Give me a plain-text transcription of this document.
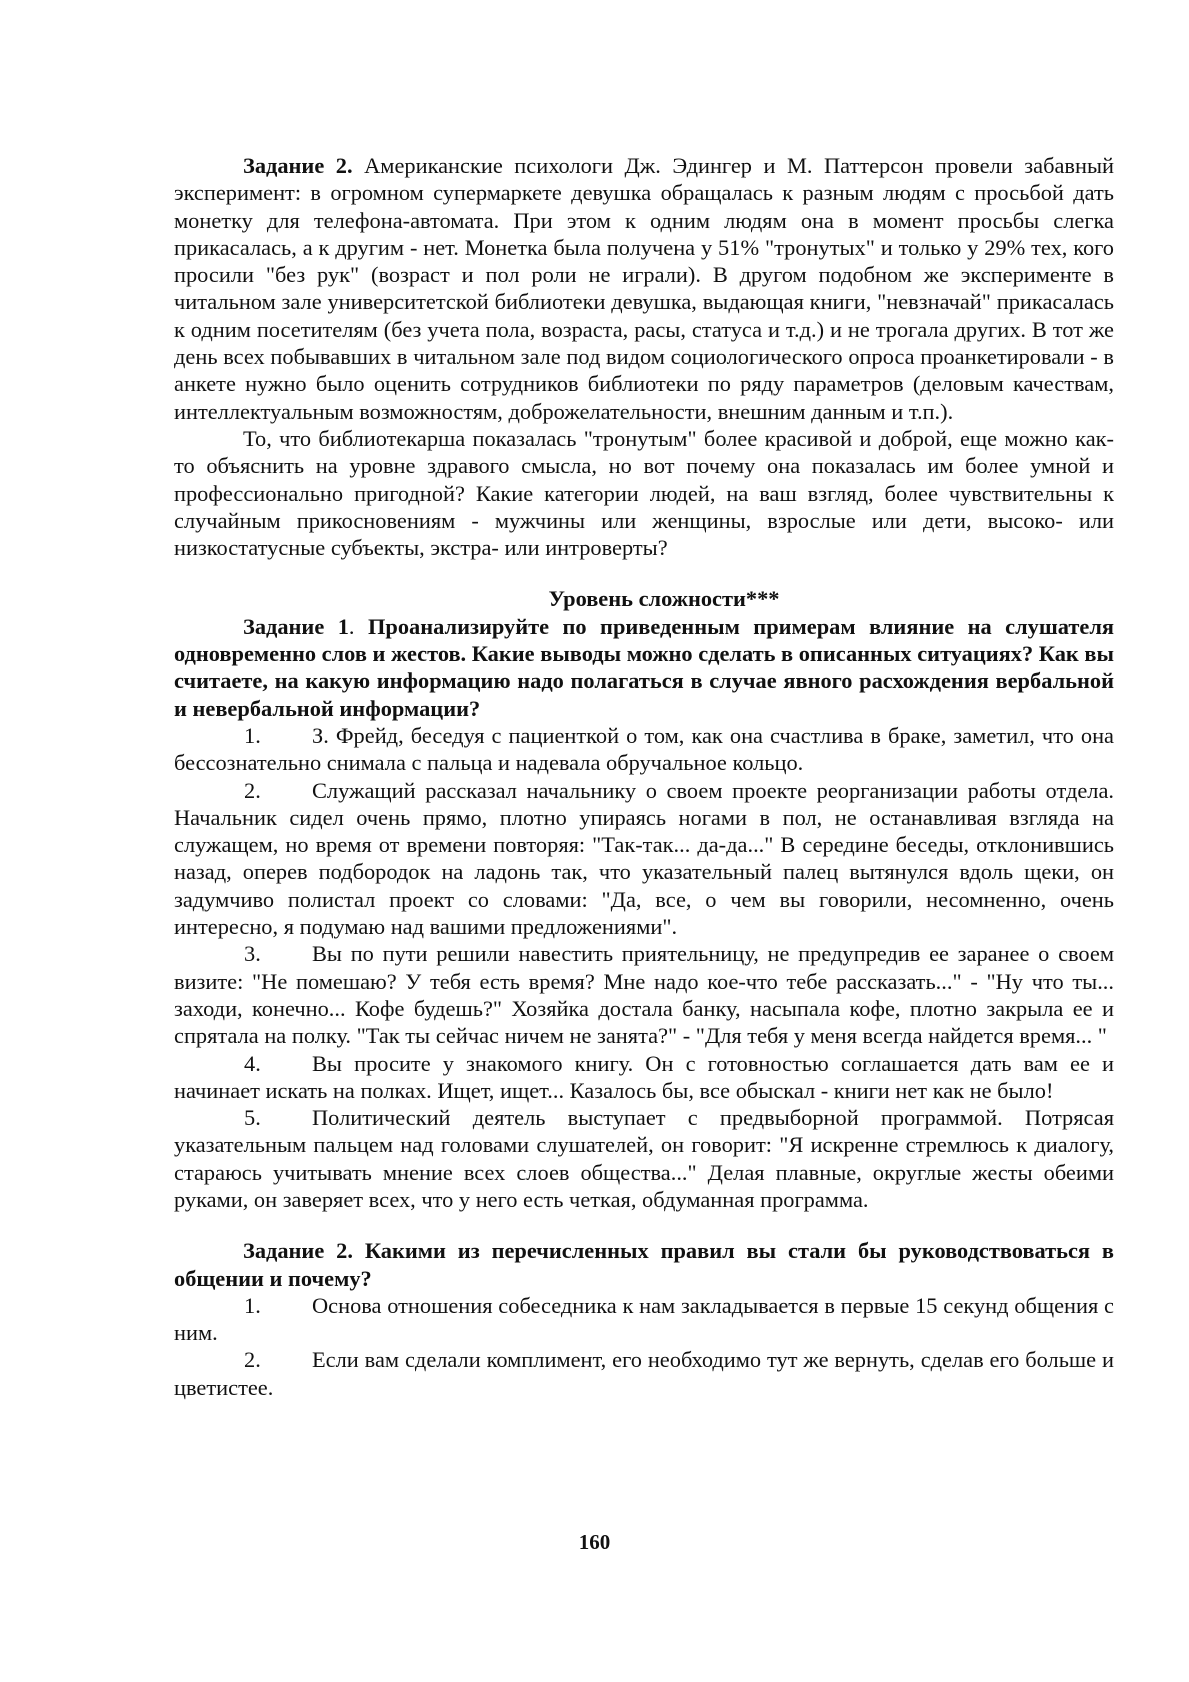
Задание 2. Американские психологи Дж. Эдингер и М. Паттерсон провели забавный эксперимент: в огромном супермаркете девушка обращалась к разным людям с просьбой дать монетку для телефона-автомата. При этом к одним людям она в момент просьбы слегка прикасалась, а к другим - нет. Монетка была получена у 51% "тронутых" и только у 29% тех, кого просили "без рук" (возраст и пол роли не играли). В другом подобном же эксперименте в читальном зале университетской библиотеки девушка, выдающая книги, "невзначай" прикасалась к одним посетителям (без учета пола, возраста, расы, статуса и т.д.) и не трогала других. В тот же день всех побывавших в читальном зале под видом социологического опроса проанкетировали - в анкете нужно было оценить сотрудников библиотеки по ряду параметров (деловым качествам, интеллектуальным возможностям, доброжелательности, внешним данным и т.п.).

То, что библиотекарша показалась "тронутым" более красивой и доброй, еще можно как-то объяснить на уровне здравого смысла, но вот почему она показалась им более умной и профессионально пригодной? Какие категории людей, на ваш взгляд, более чувствительны к случайным прикосновениям - мужчины или женщины, взрослые или дети, высоко- или низкостатусные субъекты, экстра- или интроверты?

Уровень сложности***

Задание 1. Проанализируйте по приведенным примерам влияние на слушателя одновременно слов и жестов. Какие выводы можно сделать в описанных ситуациях? Как вы считаете, на какую информацию надо полагаться в случае явного расхождения вербальной и невербальной информации?

1. З. Фрейд, беседуя с пациенткой о том, как она счастлива в браке, заметил, что она бессознательно снимала с пальца и надевала обручальное кольцо.

2. Служащий рассказал начальнику о своем проекте реорганизации работы отдела. Начальник сидел очень прямо, плотно упираясь ногами в пол, не останавливая взгляда на служащем, но время от времени повторяя: "Так-так... да-да..." В середине беседы, отклонившись назад, оперев подбородок на ладонь так, что указательный палец вытянулся вдоль щеки, он задумчиво полистал проект со словами: "Да, все, о чем вы говорили, несомненно, очень интересно, я подумаю над вашими предложениями".

3. Вы по пути решили навестить приятельницу, не предупредив ее заранее о своем визите: "Не помешаю? У тебя есть время? Мне надо кое-что тебе рассказать..." - "Ну что ты... заходи, конечно... Кофе будешь?" Хозяйка достала банку, насыпала кофе, плотно закрыла ее и спрятала на полку. "Так ты сейчас ничем не занята?" - "Для тебя у меня всегда найдется время... "

4. Вы просите у знакомого книгу. Он с готовностью соглашается дать вам ее и начинает искать на полках. Ищет, ищет... Казалось бы, все обыскал - книги нет как не было!

5. Политический деятель выступает с предвыборной программой. Потрясая указательным пальцем над головами слушателей, он говорит: "Я искренне стремлюсь к диалогу, стараюсь учитывать мнение всех слоев общества..." Делая плавные, округлые жесты обеими руками, он заверяет всех, что у него есть четкая, обдуманная программа.

Задание 2. Какими из перечисленных правил вы стали бы руководствоваться в общении и почему?

1. Основа отношения собеседника к нам закладывается в первые 15 секунд общения с ним.

2. Если вам сделали комплимент, его необходимо тут же вернуть, сделав его больше и цветистее.

160
